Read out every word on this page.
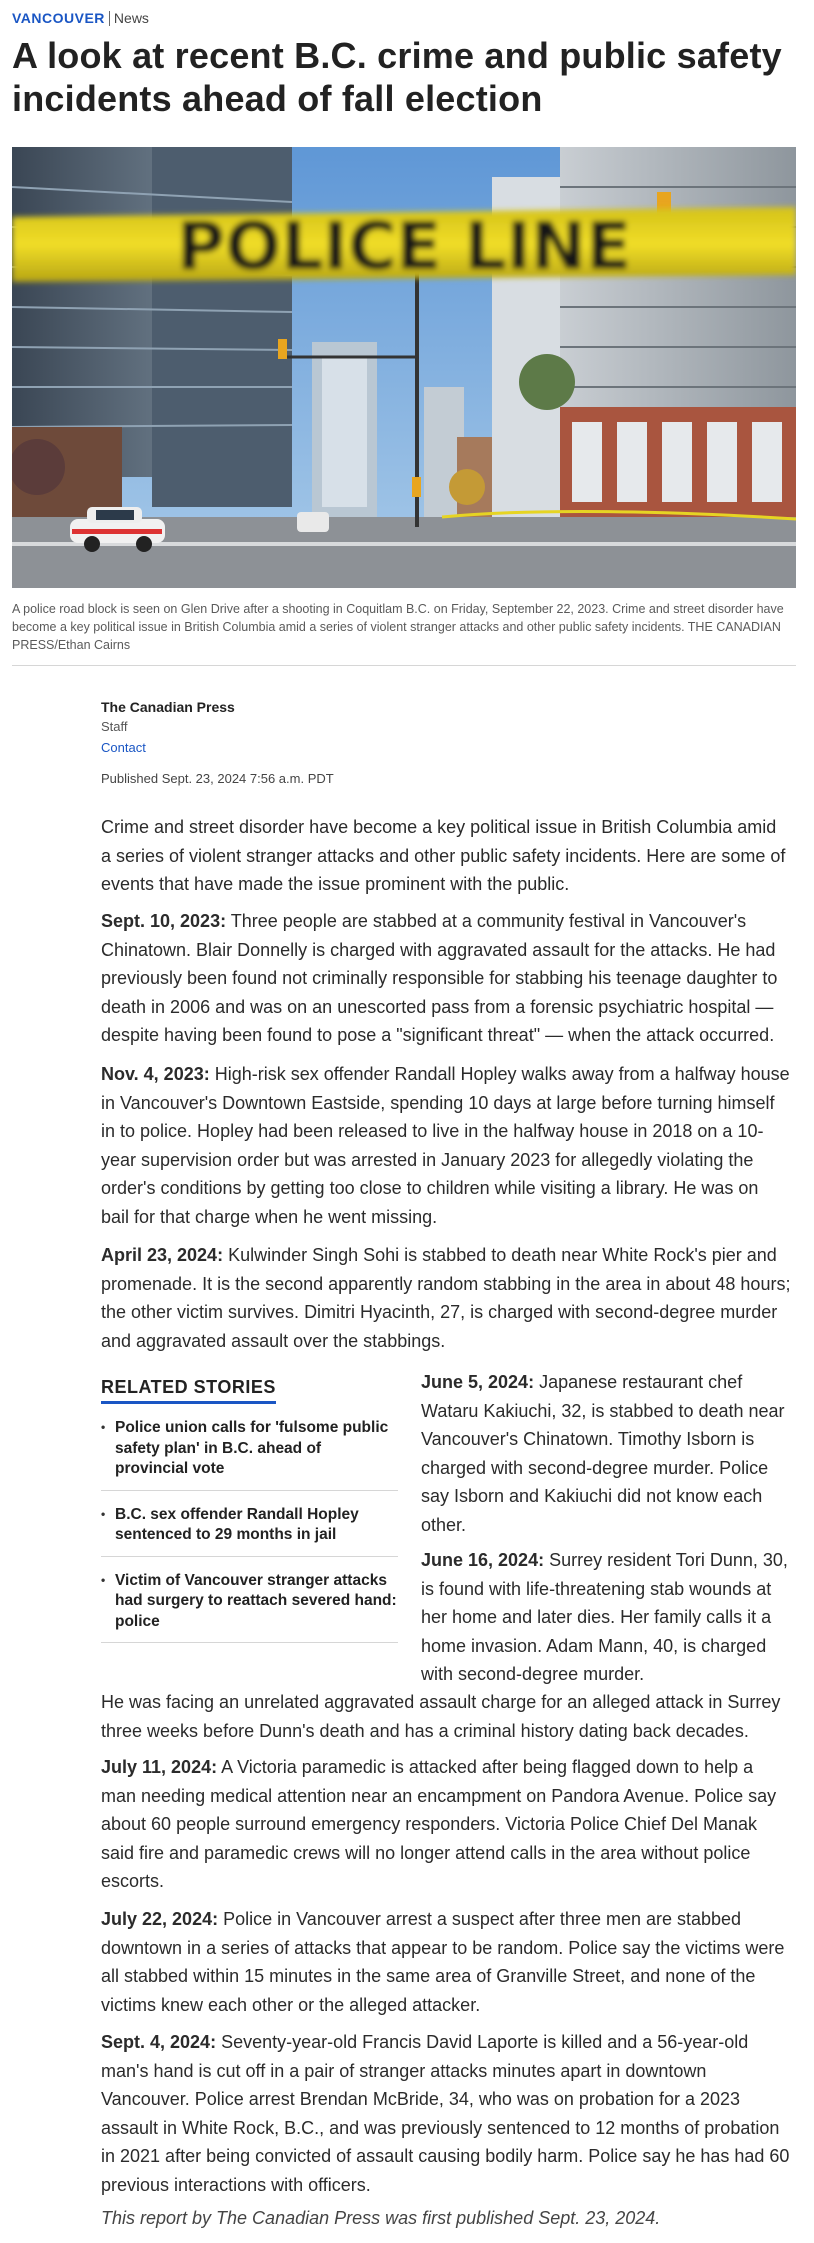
VANCOUVER News
A look at recent B.C. crime and public safety incidents ahead of fall election
POLICE LINE

A police road block is seen on Glen Drive after a shooting in Coquitlam B.C. on Friday, September 22, 2023. Crime and street disorder have become a key political issue in British Columbia amid a series of violent stranger attacks and other public safety incidents. THE CANADIAN PRESS/Ethan Cairns

The Canadian Press
Staff
Contact
Published Sept. 23, 2024 7:56 a.m. PDT

Crime and street disorder have become a key political issue in British Columbia amid a series of violent stranger attacks and other public safety incidents. Here are some of events that have made the issue prominent with the public.

Sept. 10, 2023: Three people are stabbed at a community festival in Vancouver's Chinatown. Blair Donnelly is charged with aggravated assault for the attacks. He had previously been found not criminally responsible for stabbing his teenage daughter to death in 2006 and was on an unescorted pass from a forensic psychiatric hospital — despite having been found to pose a "significant threat" — when the attack occurred.

Nov. 4, 2023: High-risk sex offender Randall Hopley walks away from a halfway house in Vancouver's Downtown Eastside, spending 10 days at large before turning himself in to police. Hopley had been released to live in the halfway house in 2018 on a 10-year supervision order but was arrested in January 2023 for allegedly violating the order's conditions by getting too close to children while visiting a library. He was on bail for that charge when he went missing.

April 23, 2024: Kulwinder Singh Sohi is stabbed to death near White Rock's pier and promenade. It is the second apparently random stabbing in the area in about 48 hours; the other victim survives. Dimitri Hyacinth, 27, is charged with second-degree murder and aggravated assault over the stabbings.

RELATED STORIES
• Police union calls for 'fulsome public safety plan' in B.C. ahead of provincial vote
• B.C. sex offender Randall Hopley sentenced to 29 months in jail
• Victim of Vancouver stranger attacks had surgery to reattach severed hand: police

June 5, 2024: Japanese restaurant chef Wataru Kakiuchi, 32, is stabbed to death near Vancouver's Chinatown. Timothy Isborn is charged with second-degree murder. Police say Isborn and Kakiuchi did not know each other.

June 16, 2024: Surrey resident Tori Dunn, 30, is found with life-threatening stab wounds at her home and later dies. Her family calls it a home invasion. Adam Mann, 40, is charged with second-degree murder.

He was facing an unrelated aggravated assault charge for an alleged attack in Surrey three weeks before Dunn's death and has a criminal history dating back decades.

July 11, 2024: A Victoria paramedic is attacked after being flagged down to help a man needing medical attention near an encampment on Pandora Avenue. Police say about 60 people surround emergency responders. Victoria Police Chief Del Manak said fire and paramedic crews will no longer attend calls in the area without police escorts.

July 22, 2024: Police in Vancouver arrest a suspect after three men are stabbed downtown in a series of attacks that appear to be random. Police say the victims were all stabbed within 15 minutes in the same area of Granville Street, and none of the victims knew each other or the alleged attacker.

Sept. 4, 2024: Seventy-year-old Francis David Laporte is killed and a 56-year-old man's hand is cut off in a pair of stranger attacks minutes apart in downtown Vancouver. Police arrest Brendan McBride, 34, who was on probation for a 2023 assault in White Rock, B.C., and was previously sentenced to 12 months of probation in 2021 after being convicted of assault causing bodily harm. Police say he has had 60 previous interactions with officers.

This report by The Canadian Press was first published Sept. 23, 2024.
